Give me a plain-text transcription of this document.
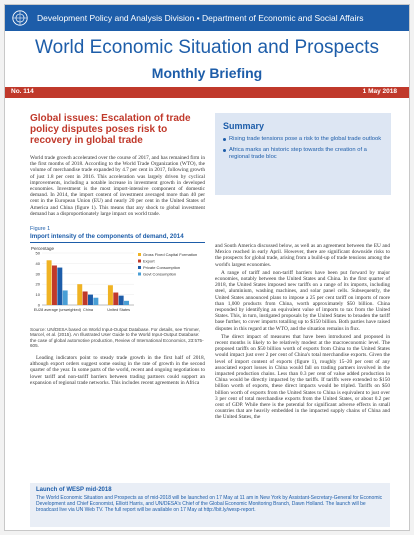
Development Policy and Analysis Division • Department of Economic and Social Affairs
World Economic Situation and Prospects
Monthly Briefing
No. 114	1 May 2018
Global issues: Escalation of trade policy disputes poses risk to recovery in global trade

World trade growth accelerated over the course of 2017, and has remained firm in the first months of 2018. According to the World Trade Organization (WTO), the volume of merchandise trade expanded by 4.7 per cent in 2017, following growth of just 1.8 per cent in 2016. This acceleration was largely driven by cyclical improvements, including a notable increase in investment growth in developed economies. Investment is the most import-intensive component of domestic demand. In 2014, the import content of investment averaged more than 40 per cent in the European Union (EU) and nearly 20 per cent in the United States of America and China (figure 1). This means that any shock to global investment demand has a disproportionately large impact on world trade.

Figure 1
Import intensity of the components of demand, 2014
Percentage
0
10
20
30
40
50
EU28 average (unweighted) China	United States
Gross Fixed Capital Formation
Export
Private Consumption
Govt Consumption
Source: UN/DESA based on World Input-Output Database. For details, see Timmer, Marcel, et al. (2015). An Illustrated User Guide to the World Input-Output Database: the case of global automotive production, Review of International Economics, 23:575-605.

Leading indicators point to steady trade growth in the first half of 2018, although export orders suggest some easing in the rate of growth in the second quarter of the year. In some parts of the world, recent and ongoing negotiations to lower tariff and non-tariff barriers between trading partners could support an expansion of regional trade networks. This includes recent agreements in Africa

Summary
Rising trade tensions pose a risk to the global trade outlook
Africa marks an historic step towards the creation of a regional trade bloc

and South America discussed below, as well as an agreement between the EU and Mexico reached in early April. However, there are significant downside risks to the prospects for global trade, arising from a build-up of trade tensions among the world's largest economies.

A range of tariff and non-tariff barriers have been put forward by major economies, notably between the United States and China. In the first quarter of 2018, the United States imposed new tariffs on a range of its imports, including steel, aluminium, washing machines, and solar panel cells. Subsequently, the United States announced plans to impose a 25 per cent tariff on imports of more than 1,000 products from China, worth approximately $50 billion. China responded by identifying an equivalent value of imports to tax from the United States. This, in turn, instigated proposals by the United States to broaden the tariff base further, to cover imports totalling up to $150 billion. Both parties have raised disputes in this regard at the WTO, and the situation remains in flux.

The direct impact of measures that have been introduced and proposed in recent months is likely to be relatively modest at the macroeconomic level. The proposed tariffs on $50 billion worth of exports from China to the United States would impact just over 2 per cent of China's total merchandise exports. Given the level of import content of exports (figure 1), roughly 15–20 per cent of any associated export losses in China would fall on trading partners involved in the impacted production chains. Less than 0.3 per cent of value added production in China would be directly impacted by the tariffs. If tariffs were extended to $150 billion worth of exports, these direct impacts would be tripled. Tariffs on $50 billion worth of exports from the United States to China is equivalent to just over 3 per cent of total merchandise exports from the United States, or about 0.2 per cent of GDP. While there is the potential for significant adverse effects in small countries that are heavily embedded in the impacted supply chains of China and the United States, the

Launch of WESP mid-2018

The World Economic Situation and Prospects as of mid-2018 will be launched on 17 May at 11 am in New York by Assistant-Secretary-General for Economic Development and Chief Economist, Elliott Harris, and UN/DESA's Chief of the Global Economic Monitoring Branch, Dawn Holland. The launch will be broadcast live via UN Web TV. The full report will be available on 17 May at http://bit.ly/wesp-report.
